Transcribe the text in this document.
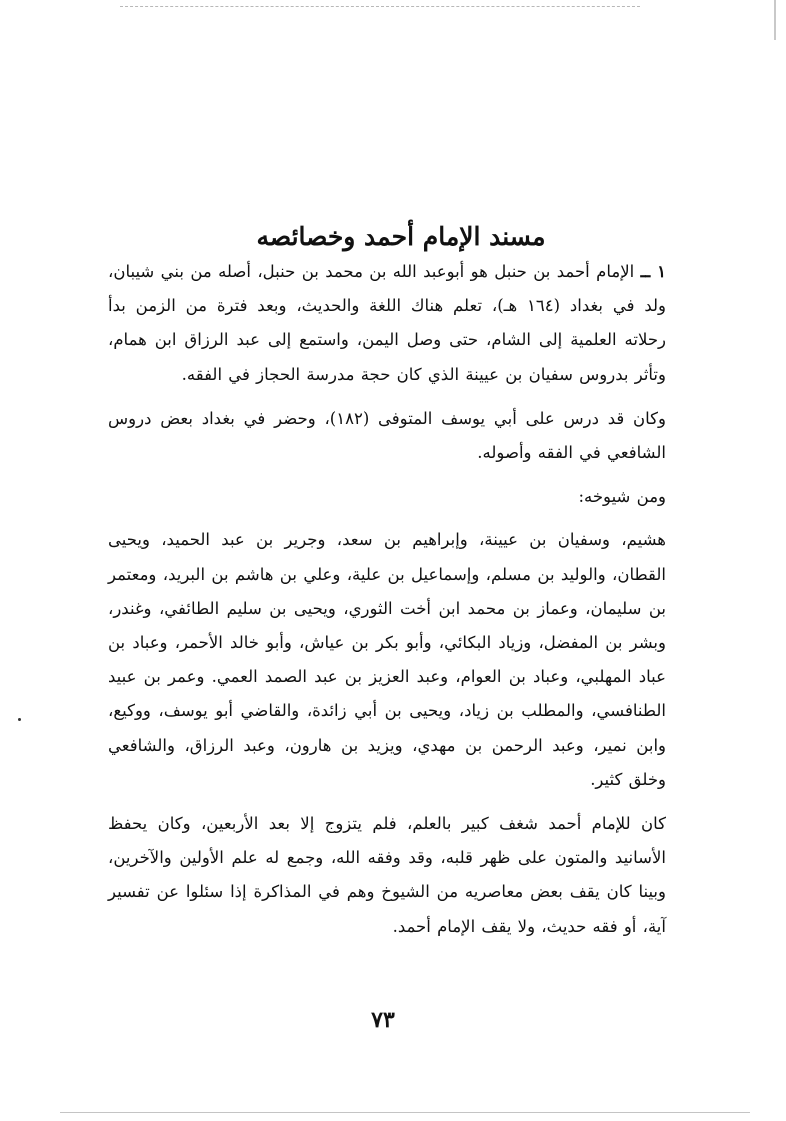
مسند الإمام أحمد وخصائصه

١ ــ الإمام أحمد بن حنبل هو أبوعبد الله بن محمد بن حنبل، أصله من بني شيبان، ولد في بغداد (١٦٤ هـ)، تعلم هناك اللغة والحديث، وبعد فترة من الزمن بدأ رحلاته العلمية إلى الشام، حتى وصل اليمن، واستمع إلى عبد الرزاق ابن همام، وتأثر بدروس سفيان بن عيينة الذي كان حجة مدرسة الحجاز في الفقه.

وكان قد درس على أبي يوسف المتوفى (١٨٢)، وحضر في بغداد بعض دروس الشافعي في الفقه وأصوله.

ومن شيوخه:

هشيم، وسفيان بن عيينة، وإبراهيم بن سعد، وجرير بن عبد الحميد، ويحيى القطان، والوليد بن مسلم، وإسماعيل بن علية، وعلي بن هاشم بن البريد، ومعتمر بن سليمان، وعماز بن محمد ابن أخت الثوري، ويحيى بن سليم الطائفي، وغندر، وبشر بن المفضل، وزياد البكائي، وأبو بكر بن عياش، وأبو خالد الأحمر، وعباد بن عباد المهلبي، وعباد بن العوام، وعبد العزيز بن عبد الصمد العمي. وعمر بن عبيد الطنافسي، والمطلب بن زياد، ويحيى بن أبي زائدة، والقاضي أبو يوسف، ووكيع، وابن نمير، وعبد الرحمن بن مهدي، ويزيد بن هارون، وعبد الرزاق، والشافعي وخلق كثير.

كان للإمام أحمد شغف كبير بالعلم، فلم يتزوج إلا بعد الأربعين، وكان يحفظ الأسانيد والمتون على ظهر قلبه، وقد وفقه الله، وجمع له علم الأولين والآخرين، وبينا كان يقف بعض معاصريه من الشيوخ وهم في المذاكرة إذا سئلوا عن تفسير آية، أو فقه حديث، ولا يقف الإمام أحمد.

٧٣
